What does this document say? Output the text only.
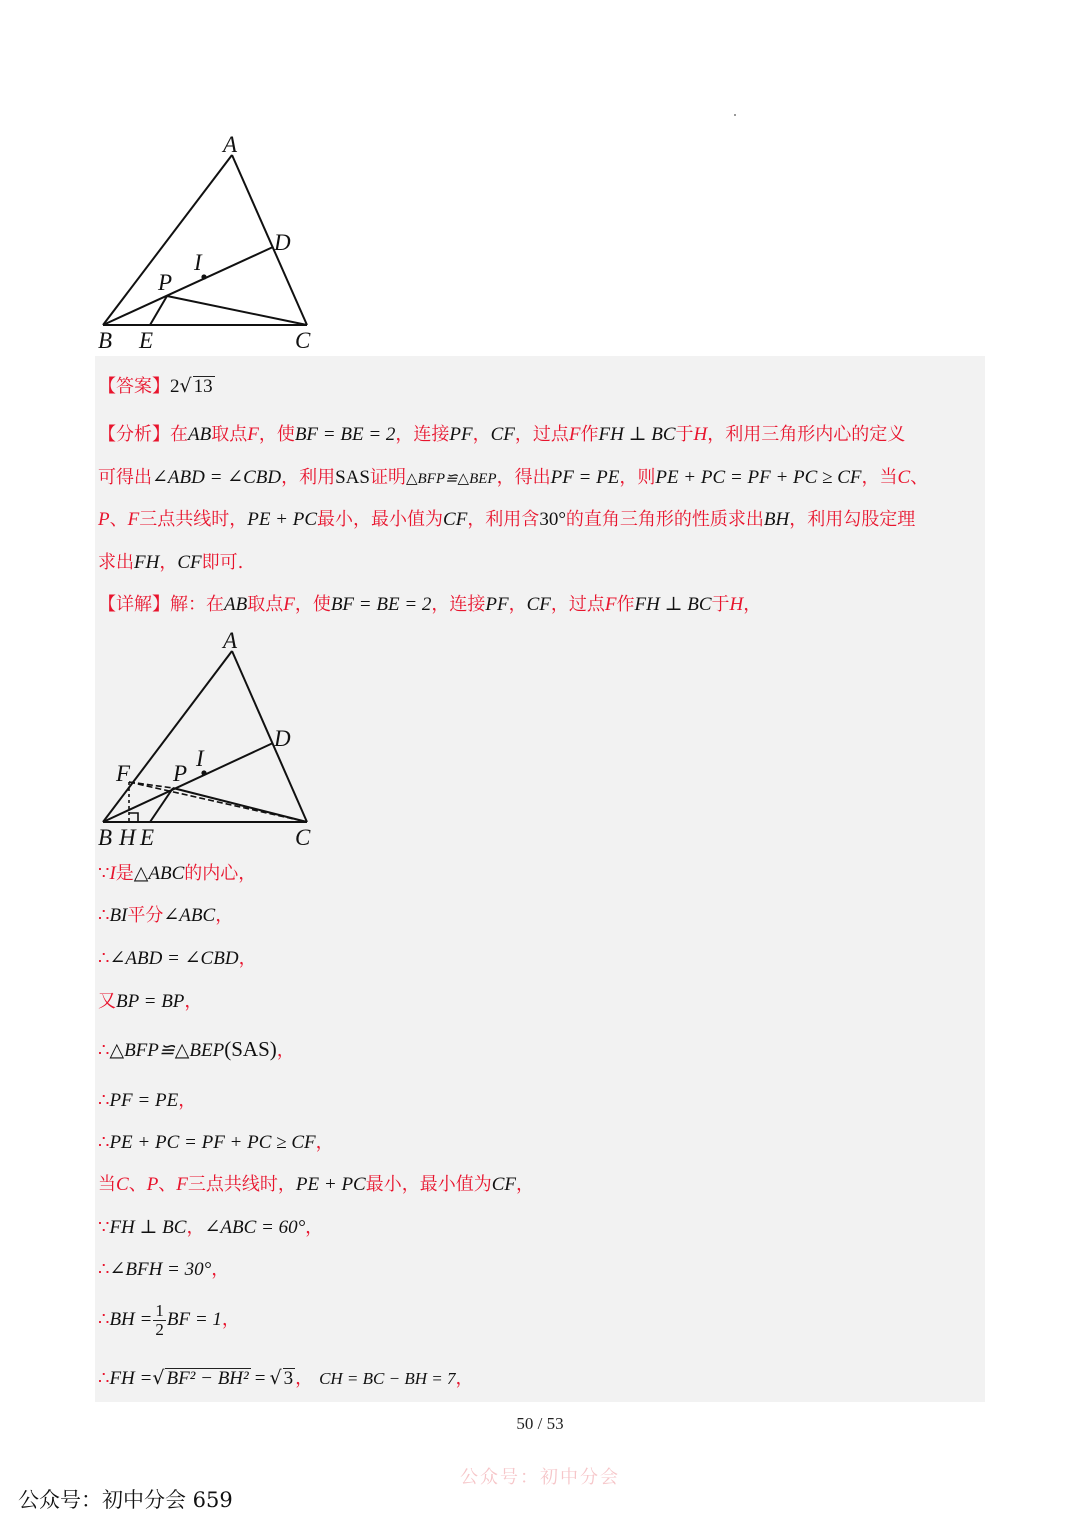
A
D
I
P
B E	C
【答案】2√ 13
【分析】在AB取点F，使BF = BE = 2，连接PF，CF，过点F作FH ⊥ BC于H，利用三角形内心的定义
可得出∠ABD = ∠CBD，利用SAS证明△BFP≌△BEP，得出PF = PE，则PE + PC = PF + PC ≥ CF，当C、
P、F三点共线时，PE + PC最小，最小值为CF，利用含30°的直角三角形的性质求出BH，利用勾股定理
求出FH，CF即可.
【详解】解：在AB取点F，使BF = BE = 2，连接PF，CF，过点F作FH ⊥ BC于H，
A
D
I
P
F
B H E	C
∵I是△ABC的内心，
∴BI平分∠ABC，
∴∠ABD = ∠CBD，
又BP = BP，
∴△BFP≌△BEP(SAS)，
∴PF = PE，
∴PE + PC = PF + PC ≥ CF，
当C、P、F三点共线时，PE + PC最小，最小值为CF，
∵FH ⊥ BC，∠ABC = 60°，
∴∠BFH = 30°，
∴BH = $\frac{1}{2}$ BF = 1，
∴FH =√ BF² − BH² = √ 3 ， CH = BC − BH = 7，
50 / 53
公众号：初中分会
公众号：初中分会 659
